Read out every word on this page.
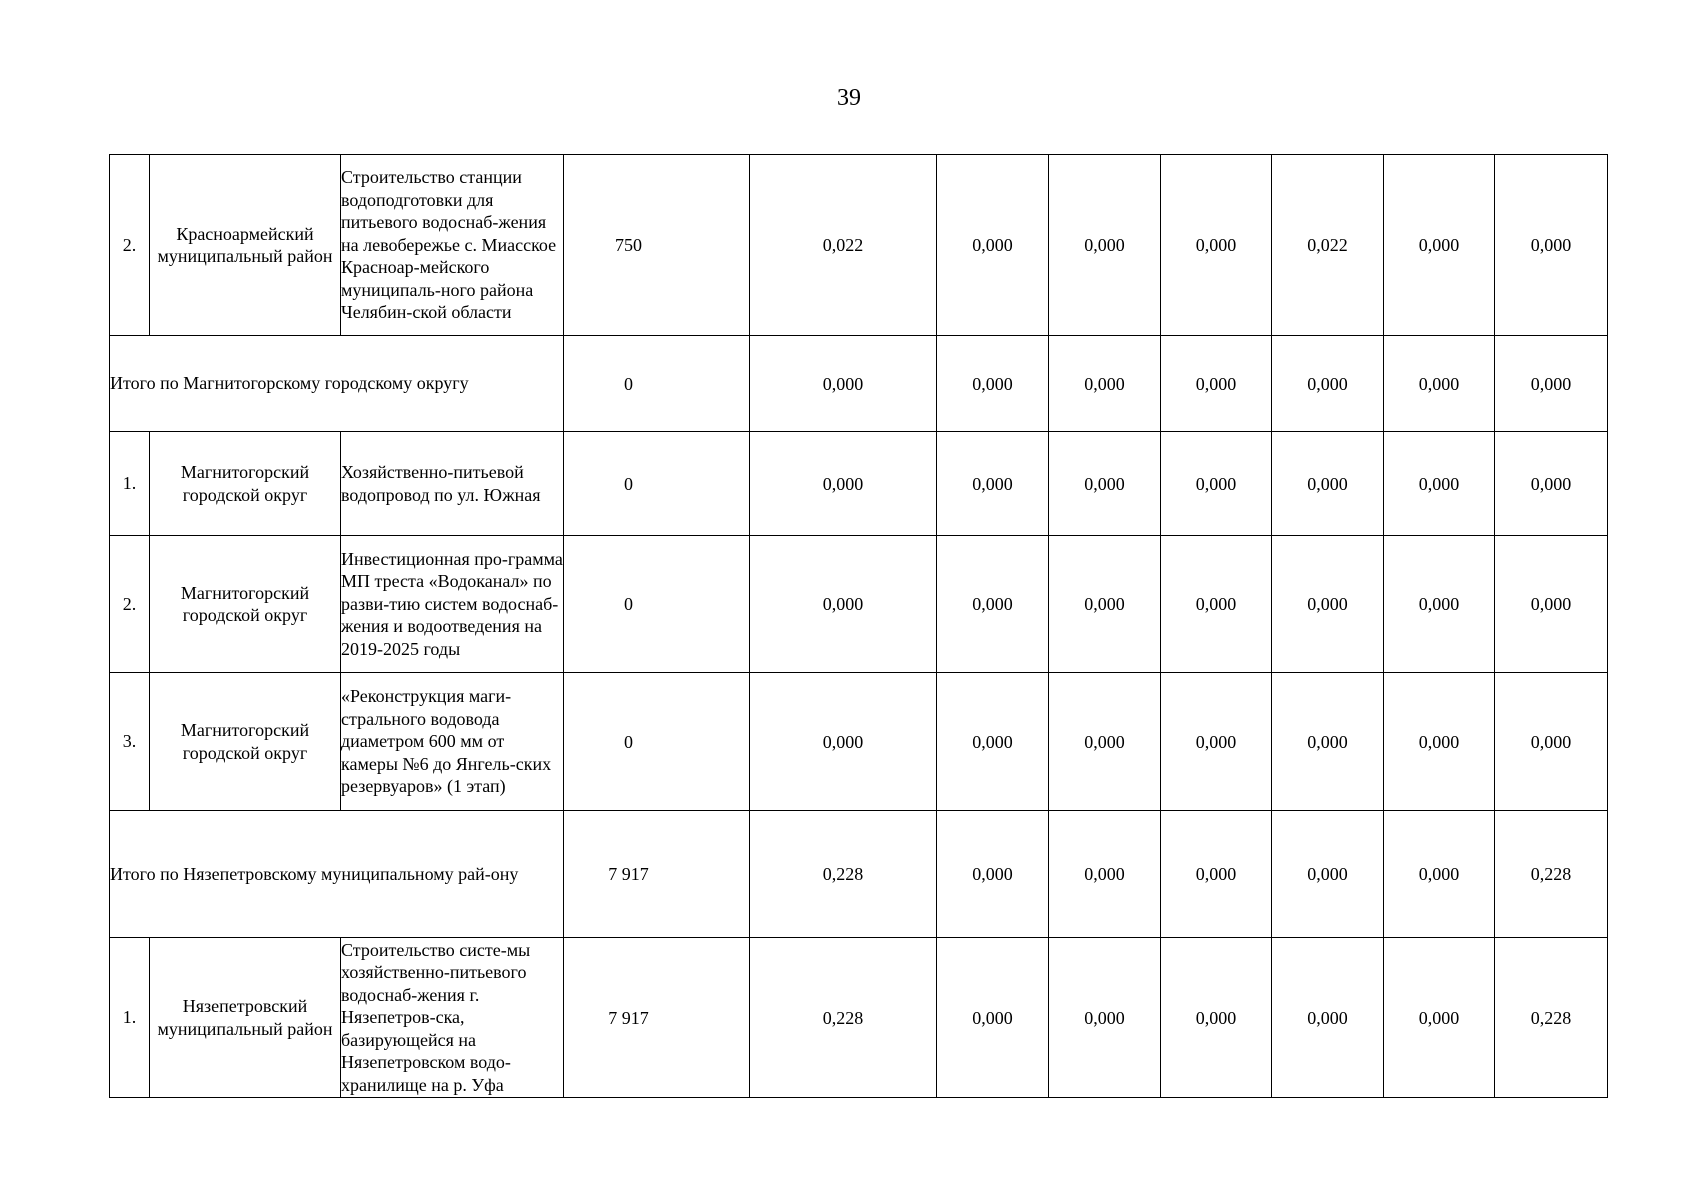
39
2.	Красноармейский муниципальный район	Строительство станции водоподготовки для питьевого водоснаб-жения на левобережье с. Миасское Красноар-мейского муниципаль-ного района Челябин-ской области	750	0,022	0,000	0,000	0,000	0,022	0,000	0,000

Итого по Магнитогорскому городскому округу			0	0,000	0,000	0,000	0,000	0,000	0,000	0,000
1.	Магнитогорский городской округ	Хозяйственно-питьевой водопровод по ул. Южная	0	0,000	0,000	0,000	0,000	0,000	0,000	0,000
2.	Магнитогорский городской округ	Инвестиционная про-грамма МП треста «Водоканал» по разви-тию систем водоснаб-жения и водоотведения на 2019-2025 годы	0	0,000	0,000	0,000	0,000	0,000	0,000	0,000
3.	Магнитогорский городской округ	«Реконструкция маги-стрального водовода диаметром 600 мм от камеры №6 до Янгель-ских резервуаров» (1 этап)	0	0,000	0,000	0,000	0,000	0,000	0,000	0,000

Итого по Нязепетровскому муниципальному рай-ону			7 917	0,228	0,000	0,000	0,000	0,000	0,000	0,228
1.	Нязепетровский муниципальный район	Строительство систе-мы хозяйственно-питьевого водоснаб-жения г. Нязепетров-ска, базирующейся на Нязепетровском водо-хранилище на р. Уфа	7 917	0,228	0,000	0,000	0,000	0,000	0,000	0,228
